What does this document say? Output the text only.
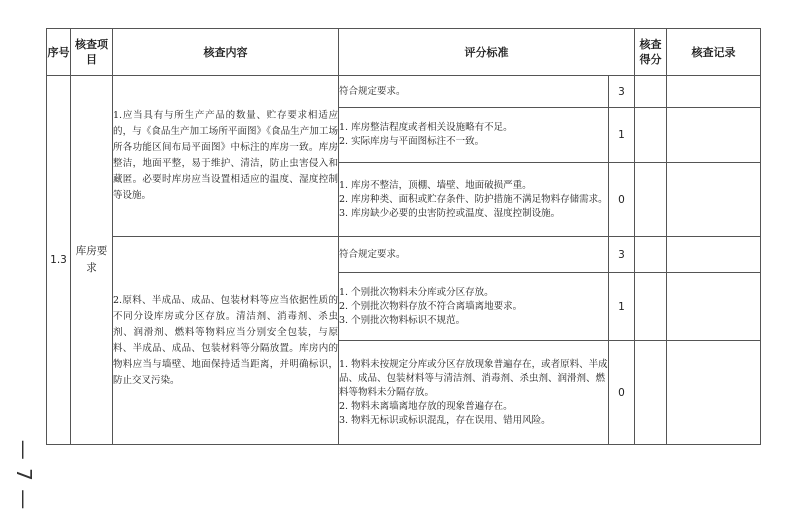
序号	核查项目	核查内容	评分标准		核查得分	核查记录
1.3	库房要求	1.应当具有与所生产产品的数量、贮存要求相适应的，与《食品生产加工场所平面图》《食品生产加工场所各功能区间布局平面图》中标注的库房一致。库房整洁，地面平整，易于维护、清洁，防止虫害侵入和藏匿。必要时库房应当设置相适应的温度、湿度控制等设施。	符合规定要求。	3		

			1. 库房整洁程度或者相关设施略有不足。
2. 实际库房与平面图标注不一致。	1		

			1. 库房不整洁，顶棚、墙壁、地面破损严重。
2. 库房种类、面积或贮存条件、防护措施不满足物料存储需求。
3. 库房缺少必要的虫害防控或温度、湿度控制设施。	0		
		2.原料、半成品、成品、包装材料等应当依据性质的不同分设库房或分区存放。清洁剂、消毒剂、杀虫剂、润滑剂、燃料等物料应当分别安全包装，与原料、半成品、成品、包装材料等分隔放置。库房内的物料应当与墙壁、地面保持适当距离，并明确标识，防止交叉污染。	符合规定要求。	3		

			1. 个别批次物料未分库或分区存放。
2. 个别批次物料存放不符合离墙离地要求。
3. 个别批次物料标识不规范。	1		

			1. 物料未按规定分库或分区存放现象普遍存在，或者原料、半成品、成品、包装材料等与清洁剂、消毒剂、杀虫剂、润滑剂、燃料等物料未分隔存放。
2. 物料未离墙离地存放的现象普遍存在。
3. 物料无标识或标识混乱，存在误用、错用风险。	0		
— 7 —
